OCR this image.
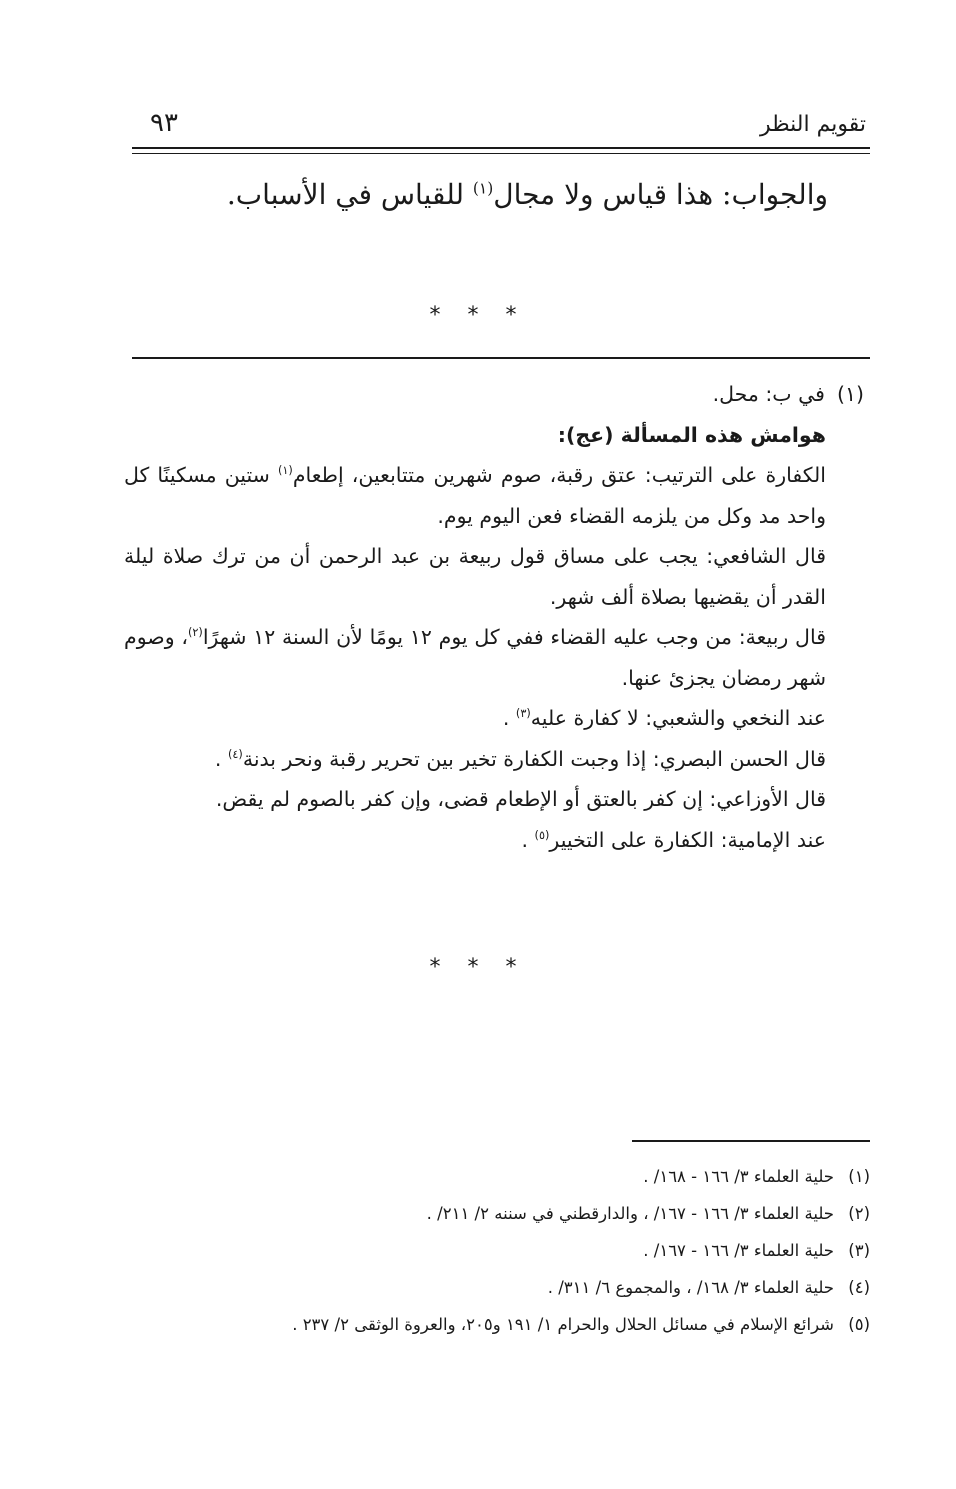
تقويم النظر
٩٣
والجواب: هذا قياس ولا مجال$^{(١)}$ للقياس في الأسباب.
* * *

(١)في ب: محل.

هوامش هذه المسألة (عج):

الكفارة على الترتيب: عتق رقبة، صوم شهرين متتابعين، إطعام$^{(١)}$ ستين مسكينًا كل واحد مد وكل من يلزمه القضاء فعن اليوم يوم.

قال الشافعي: يجب على مساق قول ربيعة بن عبد الرحمن أن من ترك صلاة ليلة القدر أن يقضيها بصلاة ألف شهر.

قال ربيعة: من وجب عليه القضاء ففي كل يوم ١٢ يومًا لأن السنة ١٢ شهرًا$^{(٢)}$، وصوم شهر رمضان يجزئ عنها.

عند النخعي والشعبي: لا كفارة عليه$^{(٣)}$ .

قال الحسن البصري: إذا وجبت الكفارة تخير بين تحرير رقبة ونحر بدنة$^{(٤)}$ .

قال الأوزاعي: إن كفر بالعتق أو الإطعام قضى، وإن كفر بالصوم لم يقض.

عند الإمامية: الكفارة على التخيير$^{(٥)}$ .

* * *
(١)حلية العلماء ٣/ ١٦٦ - ١٦٨/ .
(٢)حلية العلماء ٣/ ١٦٦ - ١٦٧/ ، والدارقطني في سننه ٢/ ٢١١/ .
(٣)حلية العلماء ٣/ ١٦٦ - ١٦٧/ .
(٤)حلية العلماء ٣/ ١٦٨/ ، والمجموع ٦/ ٣١١/ .
(٥)شرائع الإسلام في مسائل الحلال والحرام ١/ ١٩١ و٢٠٥، والعروة الوثقى ٢/ ٢٣٧ .
